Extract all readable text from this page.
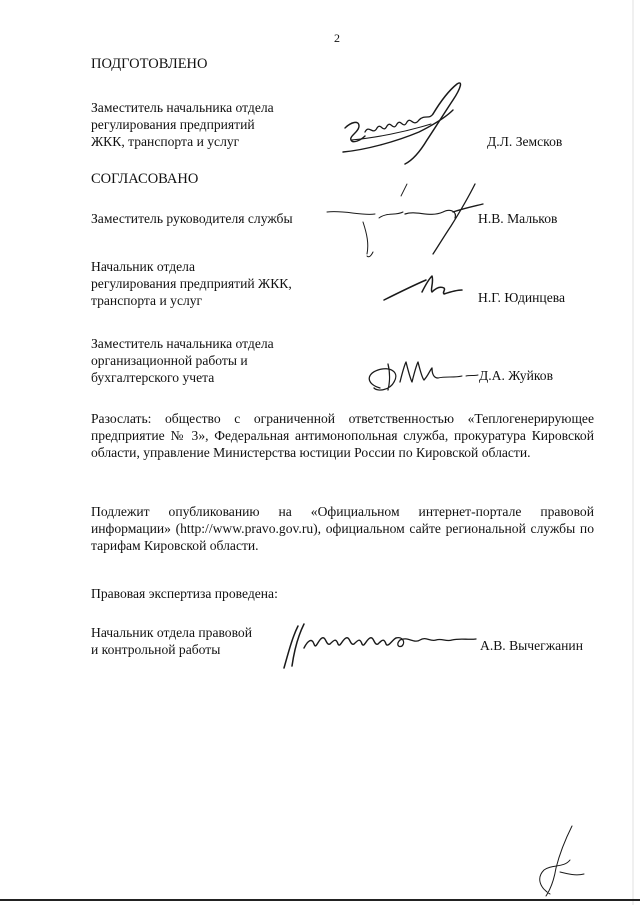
2
ПОДГОТОВЛЕНО
Заместитель начальника отдела
регулирования предприятий
ЖКК, транспорта и услуг	Д.Л. Земсков
СОГЛАСОВАНО
Заместитель руководителя службы	Н.В. Мальков
Начальник отдела
регулирования предприятий ЖКК,
транспорта и услуг	Н.Г. Юдинцева
Заместитель начальника отдела
организационной работы и
бухгалтерского учета	Д.А. Жуйков
Разослать: общество с ограниченной ответственностью «Теплогенерирующее предприятие № 3», Федеральная антимонопольная служба, прокуратура Кировской области, управление Министерства юстиции России по Кировской области.
Подлежит опубликованию на «Официальном интернет-портале правовой информации» (http://www.pravo.gov.ru), официальном сайте региональной службы по тарифам Кировской области.
Правовая экспертиза проведена:
Начальник отдела правовой
и контрольной работы	А.В. Вычегжанин
